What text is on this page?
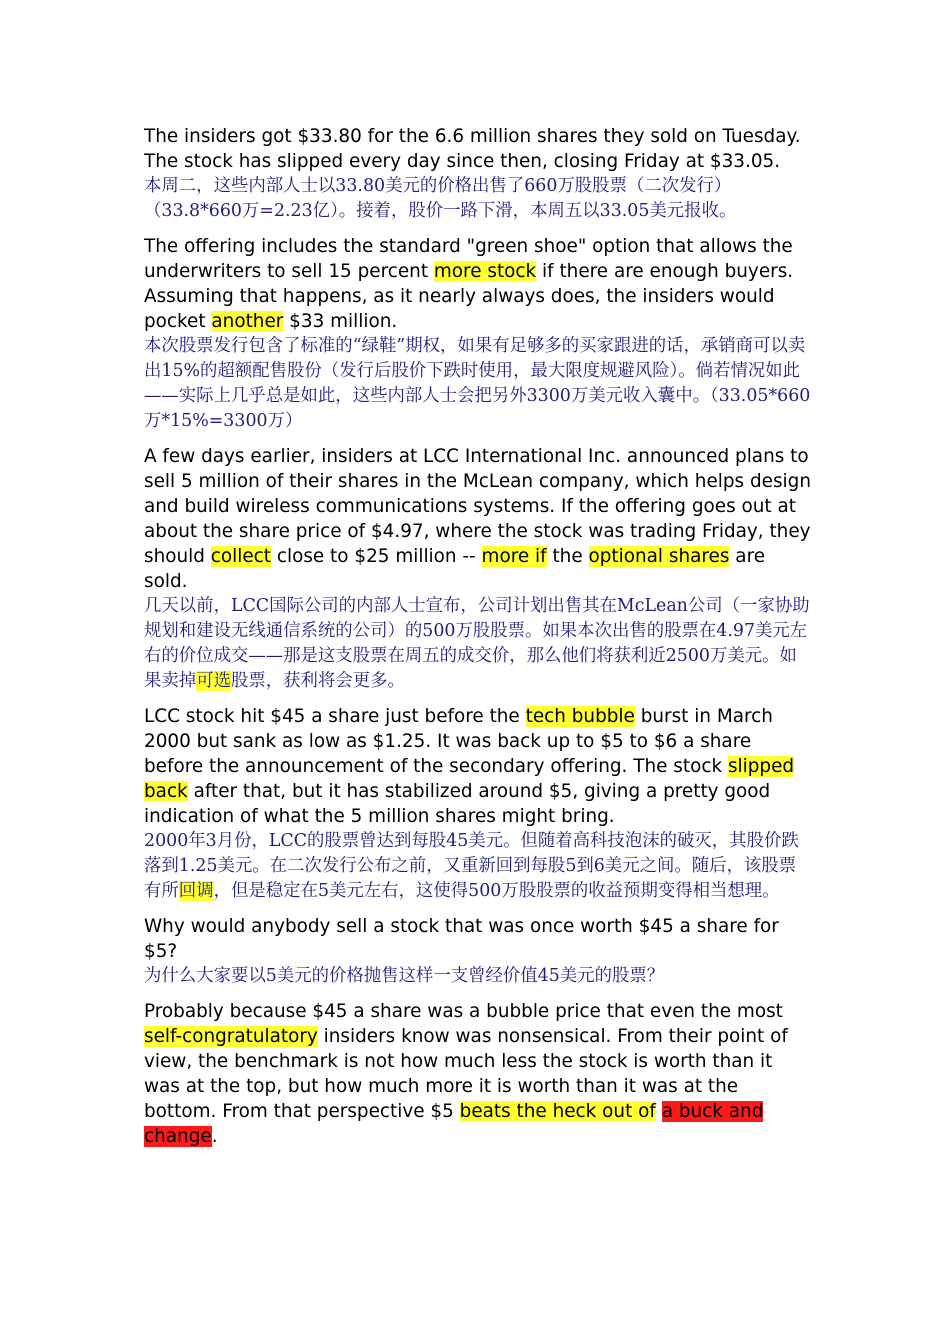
The insiders got $33.80 for the 6.6 million shares they sold on Tuesday. The stock has slipped every day since then, closing Friday at $33.05.

本周二，这些内部人士以33.80美元的价格出售了660万股股票（二次发行）（33.8*660万=2.23亿）。接着，股价一路下滑，本周五以33.05美元报收。

The offering includes the standard "green shoe" option that allows the underwriters to sell 15 percent more stock if there are enough buyers. Assuming that happens, as it nearly always does, the insiders would pocket another $33 million.

本次股票发行包含了标准的“绿鞋”期权，如果有足够多的买家跟进的话，承销商可以卖出15%的超额配售股份（发行后股价下跌时使用，最大限度规避风险）。倘若情况如此——实际上几乎总是如此，这些内部人士会把另外3300万美元收入囊中。（33.05*660万*15%=3300万）

A few days earlier, insiders at LCC International Inc. announced plans to sell 5 million of their shares in the McLean company, which helps design and build wireless communications systems. If the offering goes out at about the share price of $4.97, where the stock was trading Friday, they should collect close to $25 million -- more if the optional shares are sold.

几天以前，LCC国际公司的内部人士宣布，公司计划出售其在McLean公司（一家协助规划和建设无线通信系统的公司）的500万股股票。如果本次出售的股票在4.97美元左右的价位成交——那是这支股票在周五的成交价，那么他们将获利近2500万美元。如果卖掉可选股票，获利将会更多。

LCC stock hit $45 a share just before the tech bubble burst in March 2000 but sank as low as $1.25. It was back up to $5 to $6 a share before the announcement of the secondary offering. The stock slipped back after that, but it has stabilized around $5, giving a pretty good indication of what the 5 million shares might bring.

2000年3月份，LCC的股票曾达到每股45美元。但随着高科技泡沫的破灭，其股价跌落到1.25美元。在二次发行公布之前，又重新回到每股5到6美元之间。随后，该股票有所回调，但是稳定在5美元左右，这使得500万股股票的收益预期变得相当想理。

Why would anybody sell a stock that was once worth $45 a share for $5?

为什么大家要以5美元的价格抛售这样一支曾经价值45美元的股票？

Probably because $45 a share was a bubble price that even the most self-congratulatory insiders know was nonsensical. From their point of view, the benchmark is not how much less the stock is worth than it was at the top, but how much more it is worth than it was at the bottom. From that perspective $5 beats the heck out of a buck and change.
